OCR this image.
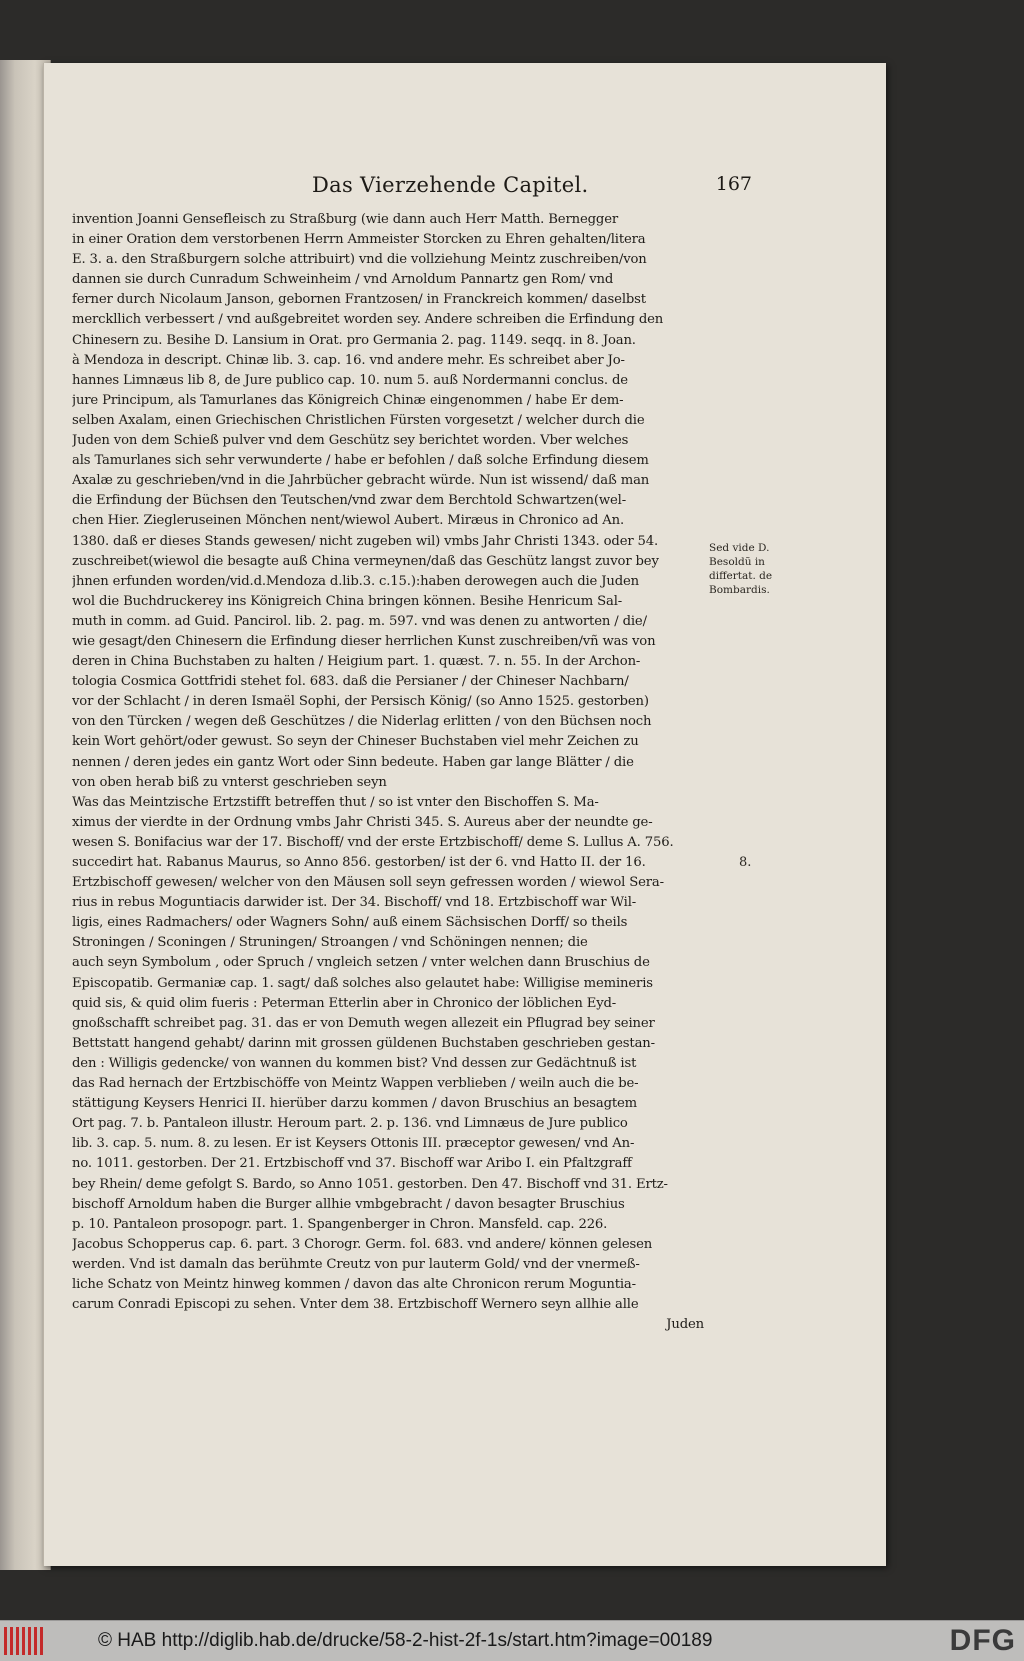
Das Vierzehende Capitel.	167
invention Joanni Gensefleisch zu Straßburg (wie dann auch Herr Matth. Bernegger
in einer Oration dem verstorbenen Herrn Ammeister Storcken zu Ehren gehalten/litera
E. 3. a. den Straßburgern solche attribuirt) vnd die vollziehung Meintz zuschreiben/von
dannen sie durch Cunradum Schweinheim / vnd Arnoldum Pannartz gen Rom/ vnd
ferner durch Nicolaum Janson, gebornen Frantzosen/ in Franckreich kommen/ daselbst
merckllich verbessert / vnd außgebreitet worden sey. Andere schreiben die Erfindung den
Chinesern zu. Besihe D. Lansium in Orat. pro Germania 2. pag. 1149. seqq. in 8. Joan.
à Mendoza in descript. Chinæ lib. 3. cap. 16. vnd andere mehr. Es schreibet aber Jo-
hannes Limnæus lib 8, de Jure publico cap. 10. num 5. auß Nordermanni conclus. de
jure Principum, als Tamurlanes das Königreich Chinæ eingenommen / habe Er dem-
selben Axalam, einen Griechischen Christlichen Fürsten vorgesetzt / welcher durch die
Juden von dem Schieß pulver vnd dem Geschütz sey berichtet worden. Vber welches
als Tamurlanes sich sehr verwunderte / habe er befohlen / daß solche Erfindung diesem
Axalæ zu geschrieben/vnd in die Jahrbücher gebracht würde. Nun ist wissend/ daß man
die Erfindung der Büchsen den Teutschen/vnd zwar dem Berchtold Schwartzen(wel-
chen Hier. Ziegleruseinen Mönchen nent/wiewol Aubert. Miræus in Chronico ad An.
1380. daß er dieses Stands gewesen/ nicht zugeben wil) vmbs Jahr Christi 1343. oder 54.
zuschreibet(wiewol die besagte auß China vermeynen/daß das Geschütz langst zuvor bey
jhnen erfunden worden/vid.d.Mendoza d.lib.3. c.15.):haben derowegen auch die Juden
wol die Buchdruckerey ins Königreich China bringen können. Besihe Henricum Sal-
muth in comm. ad Guid. Pancirol. lib. 2. pag. m. 597. vnd was denen zu antworten / die/
wie gesagt/den Chinesern die Erfindung dieser herrlichen Kunst zuschreiben/vñ was von
deren in China Buchstaben zu halten / Heigium part. 1. quæst. 7. n. 55. In der Archon-
tologia Cosmica Gottfridi stehet fol. 683. daß die Persianer / der Chineser Nachbarn/
vor der Schlacht / in deren Ismaël Sophi, der Persisch König/ (so Anno 1525. gestorben)
von den Türcken / wegen deß Geschützes / die Niderlag erlitten / von den Büchsen noch
kein Wort gehört/oder gewust. So seyn der Chineser Buchstaben viel mehr Zeichen zu
nennen / deren jedes ein gantz Wort oder Sinn bedeute. Haben gar lange Blätter / die
von oben herab biß zu vnterst geschrieben seyn
Was das Meintzische Ertzstifft betreffen thut / so ist vnter den Bischoffen S. Ma-
ximus der vierdte in der Ordnung vmbs Jahr Christi 345. S. Aureus aber der neundte ge-
wesen S. Bonifacius war der 17. Bischoff/ vnd der erste Ertzbischoff/ deme S. Lullus A. 756.
succedirt hat. Rabanus Maurus, so Anno 856. gestorben/ ist der 6. vnd Hatto II. der 16.
Ertzbischoff gewesen/ welcher von den Mäusen soll seyn gefressen worden / wiewol Sera-
rius in rebus Moguntiacis darwider ist. Der 34. Bischoff/ vnd 18. Ertzbischoff war Wil-
ligis, eines Radmachers/ oder Wagners Sohn/ auß einem Sächsischen Dorff/ so theils
Stroningen / Sconingen / Struningen/ Stroangen / vnd Schöningen nennen; die
auch seyn Symbolum , oder Spruch / vngleich setzen / vnter welchen dann Bruschius de
Episcopatib. Germaniæ cap. 1. sagt/ daß solches also gelautet habe: Willigise memineris
quid sis, & quid olim fueris : Peterman Etterlin aber in Chronico der löblichen Eyd-
gnoßschafft schreibet pag. 31. das er von Demuth wegen allezeit ein Pflugrad bey seiner
Bettstatt hangend gehabt/ darinn mit grossen güldenen Buchstaben geschrieben gestan-
den : Willigis gedencke/ von wannen du kommen bist? Vnd dessen zur Gedächtnuß ist
das Rad hernach der Ertzbischöffe von Meintz Wappen verblieben / weiln auch die be-
stättigung Keysers Henrici II. hierüber darzu kommen / davon Bruschius an besagtem
Ort pag. 7. b. Pantaleon illustr. Heroum part. 2. p. 136. vnd Limnæus de Jure publico
lib. 3. cap. 5. num. 8. zu lesen. Er ist Keysers Ottonis III. præceptor gewesen/ vnd An-
no. 1011. gestorben. Der 21. Ertzbischoff vnd 37. Bischoff war Aribo I. ein Pfaltzgraff
bey Rhein/ deme gefolgt S. Bardo, so Anno 1051. gestorben. Den 47. Bischoff vnd 31. Ertz-
bischoff Arnoldum haben die Burger allhie vmbgebracht / davon besagter Bruschius
p. 10. Pantaleon prosopogr. part. 1. Spangenberger in Chron. Mansfeld. cap. 226.
Jacobus Schopperus cap. 6. part. 3 Chorogr. Germ. fol. 683. vnd andere/ können gelesen
werden. Vnd ist damaln das berühmte Creutz von pur lauterm Gold/ vnd der vnermeß-
liche Schatz von Meintz hinweg kommen / davon das alte Chronicon rerum Moguntia-
carum Conradi Episcopi zu sehen. Vnter dem 38. Ertzbischoff Wernero seyn allhie alle
Juden
Sed vide D. Besoldũ in differtat. de Bombardis.
8.
© HAB http://diglib.hab.de/drucke/58-2-hist-2f-1s/start.htm?image=00189	DFG
